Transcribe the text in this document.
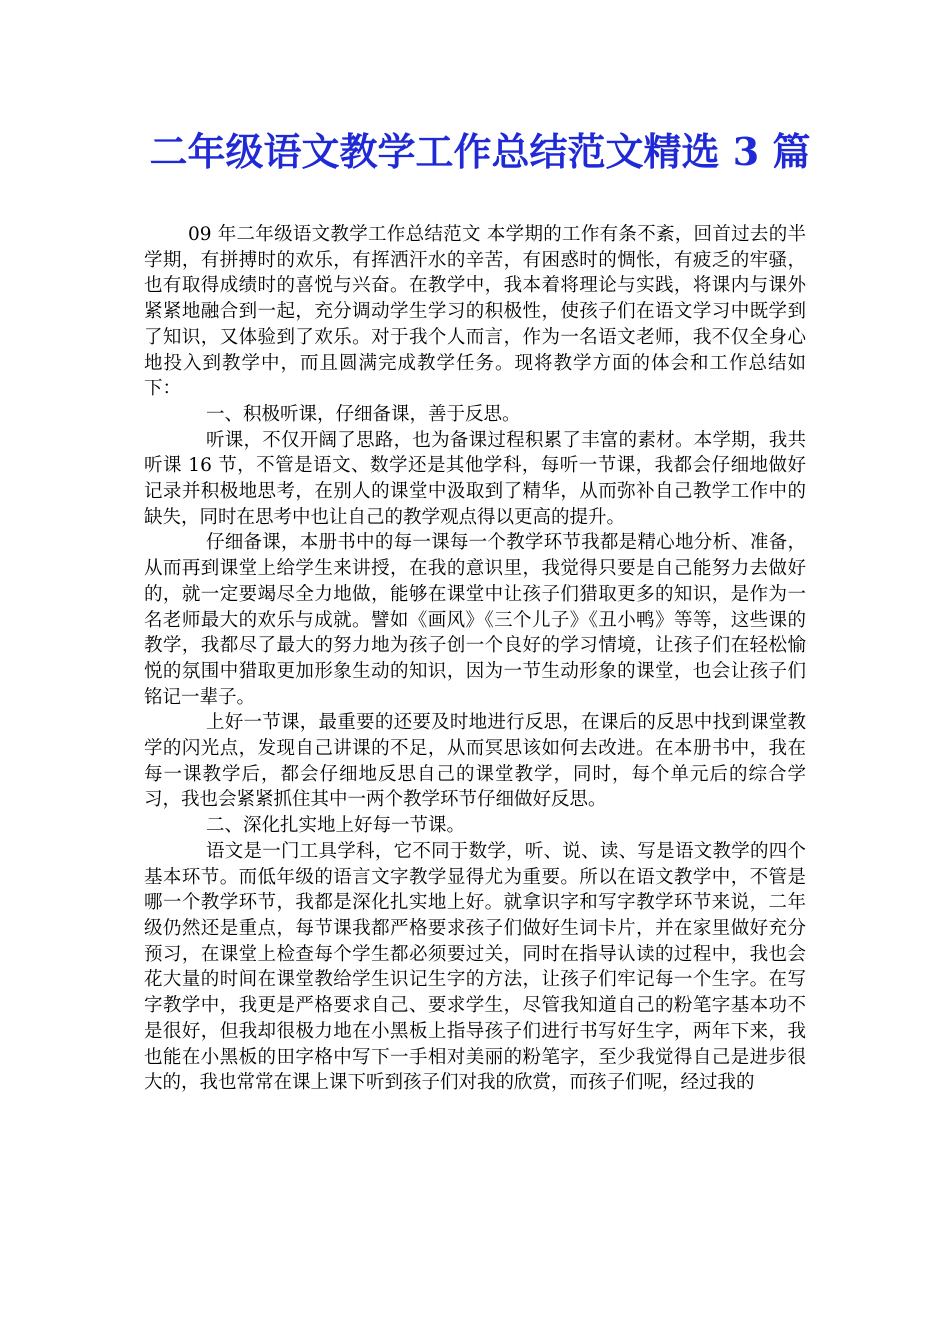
二年级语文教学工作总结范文精选 3 篇

09 年二年级语文教学工作总结范文 本学期的工作有条不紊，回首过去的半学期，有拼搏时的欢乐，有挥洒汗水的辛苦，有困惑时的惆怅，有疲乏的牢骚，也有取得成绩时的喜悦与兴奋。在教学中，我本着将理论与实践，将课内与课外紧紧地融合到一起，充分调动学生学习的积极性，使孩子们在语文学习中既学到了知识，又体验到了欢乐。对于我个人而言，作为一名语文老师，我不仅全身心地投入到教学中，而且圆满完成教学任务。现将教学方面的体会和工作总结如下：

一、积极听课，仔细备课，善于反思。

听课，不仅开阔了思路，也为备课过程积累了丰富的素材。本学期，我共听课 16 节，不管是语文、数学还是其他学科，每听一节课，我都会仔细地做好记录并积极地思考，在别人的课堂中汲取到了精华，从而弥补自己教学工作中的缺失，同时在思考中也让自己的教学观点得以更高的提升。

仔细备课，本册书中的每一课每一个教学环节我都是精心地分析、准备，从而再到课堂上给学生来讲授，在我的意识里，我觉得只要是自己能努力去做好的，就一定要竭尽全力地做，能够在课堂中让孩子们猎取更多的知识，是作为一名老师最大的欢乐与成就。譬如《画风》《三个儿子》《丑小鸭》等等，这些课的教学，我都尽了最大的努力地为孩子创一个良好的学习情境，让孩子们在轻松愉悦的氛围中猎取更加形象生动的知识，因为一节生动形象的课堂，也会让孩子们铭记一辈子。

上好一节课，最重要的还要及时地进行反思，在课后的反思中找到课堂教学的闪光点，发现自己讲课的不足，从而冥思该如何去改进。在本册书中，我在每一课教学后，都会仔细地反思自己的课堂教学，同时，每个单元后的综合学习，我也会紧紧抓住其中一两个教学环节仔细做好反思。

二、深化扎实地上好每一节课。

语文是一门工具学科，它不同于数学，听、说、读、写是语文教学的四个基本环节。而低年级的语言文字教学显得尤为重要。所以在语文教学中，不管是哪一个教学环节，我都是深化扎实地上好。就拿识字和写字教学环节来说，二年级仍然还是重点，每节课我都严格要求孩子们做好生词卡片，并在家里做好充分预习，在课堂上检查每个学生都必须要过关，同时在指导认读的过程中，我也会花大量的时间在课堂教给学生识记生字的方法，让孩子们牢记每一个生字。在写字教学中，我更是严格要求自己、要求学生，尽管我知道自己的粉笔字基本功不是很好，但我却很极力地在小黑板上指导孩子们进行书写好生字，两年下来，我也能在小黑板的田字格中写下一手相对美丽的粉笔字，至少我觉得自己是进步很大的，我也常常在课上课下听到孩子们对我的欣赏，而孩子们呢，经过我的
